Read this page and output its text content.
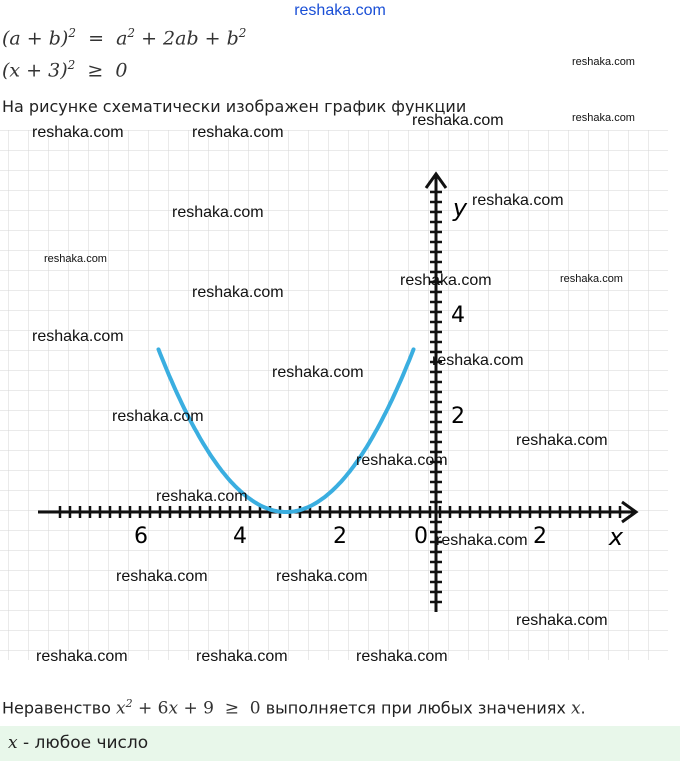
reshaka.com
$(a + b)^2 = a^2 + 2ab + b^2$
$(x + 3)^2 \ge 0$
На рисунке схематически изображен график функции
6	4	2	0	2
4
2
x
y
reshaka.com
reshaka.com	reshaka.com
reshaka.com	reshaka.com
reshaka.com
reshaka.com
reshaka.com
reshaka.com	reshaka.com
reshaka.com
reshaka.com
reshaka.com
reshaka.com
reshaka.com
reshaka.com
reshaka.com
reshaka.com
reshaka.com
reshaka.com	reshaka.com
reshaka.com
reshaka.com	reshaka.com	reshaka.com
Неравенство $x^2 + 6x + 9 \ge 0$ выполняется при любых значениях x.
x - любое число
